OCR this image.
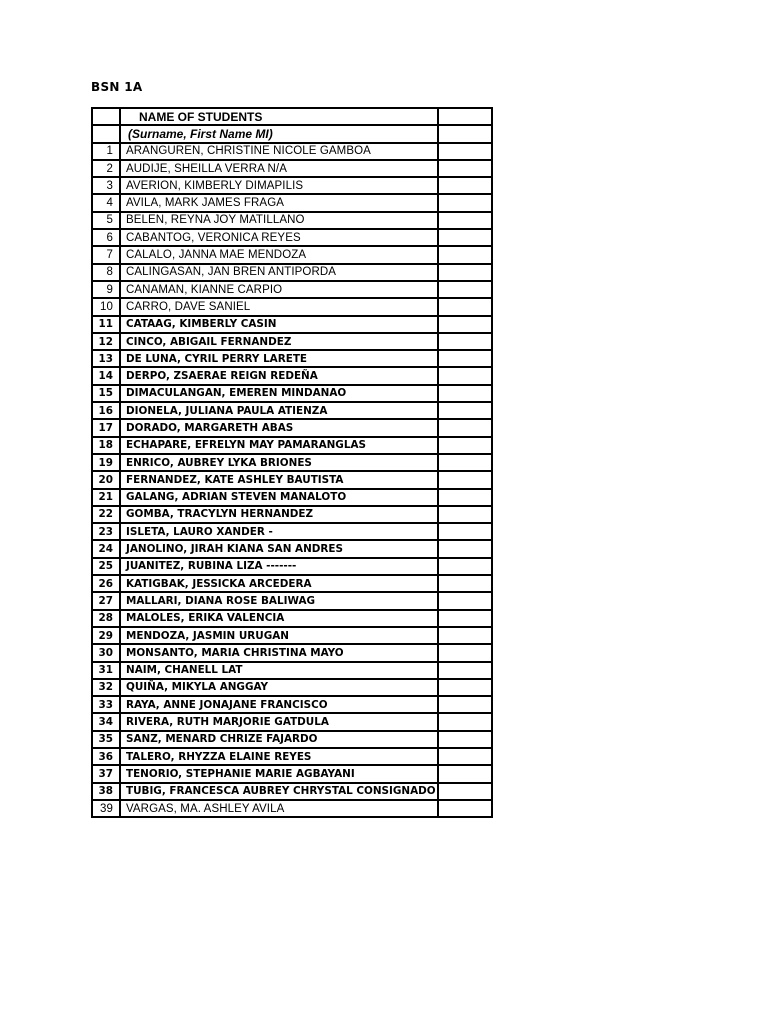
BSN 1A
	NAME OF STUDENTS	
	(Surname, First Name MI)	
1	ARANGUREN, CHRISTINE NICOLE GAMBOA	
2	AUDIJE, SHEILLA VERRA N/A	
3	AVERION, KIMBERLY DIMAPILIS	
4	AVILA, MARK JAMES FRAGA	
5	BELEN, REYNA JOY MATILLANO	
6	CABANTOG, VERONICA REYES	
7	CALALO, JANNA MAE MENDOZA	
8	CALINGASAN, JAN BREN ANTIPORDA	
9	CANAMAN, KIANNE CARPIO	
10	CARRO, DAVE SANIEL	
11	CATAAG, KIMBERLY CASIN	
12	CINCO, ABIGAIL FERNANDEZ	
13	DE LUNA, CYRIL PERRY LARETE	
14	DERPO, ZSAERAE REIGN REDEÑA	
15	DIMACULANGAN, EMEREN MINDANAO	
16	DIONELA, JULIANA PAULA ATIENZA	
17	DORADO, MARGARETH ABAS	
18	ECHAPARE, EFRELYN MAY PAMARANGLAS	
19	ENRICO, AUBREY LYKA BRIONES	
20	FERNANDEZ, KATE ASHLEY BAUTISTA	
21	GALANG, ADRIAN STEVEN MANALOTO	
22	GOMBA, TRACYLYN HERNANDEZ	
23	ISLETA, LAURO XANDER -	
24	JANOLINO, JIRAH KIANA SAN ANDRES	
25	JUANITEZ, RUBINA LIZA -------	
26	KATIGBAK, JESSICKA ARCEDERA	
27	MALLARI, DIANA ROSE BALIWAG	
28	MALOLES, ERIKA VALENCIA	
29	MENDOZA, JASMIN URUGAN	
30	MONSANTO, MARIA CHRISTINA MAYO	
31	NAIM, CHANELL LAT	
32	QUIÑA, MIKYLA ANGGAY	
33	RAYA, ANNE JONAJANE FRANCISCO	
34	RIVERA, RUTH MARJORIE GATDULA	
35	SANZ, MENARD CHRIZE FAJARDO	
36	TALERO, RHYZZA ELAINE REYES	
37	TENORIO, STEPHANIE MARIE AGBAYANI	
38	TUBIG, FRANCESCA AUBREY CHRYSTAL CONSIGNADO	
39	VARGAS, MA. ASHLEY AVILA	
